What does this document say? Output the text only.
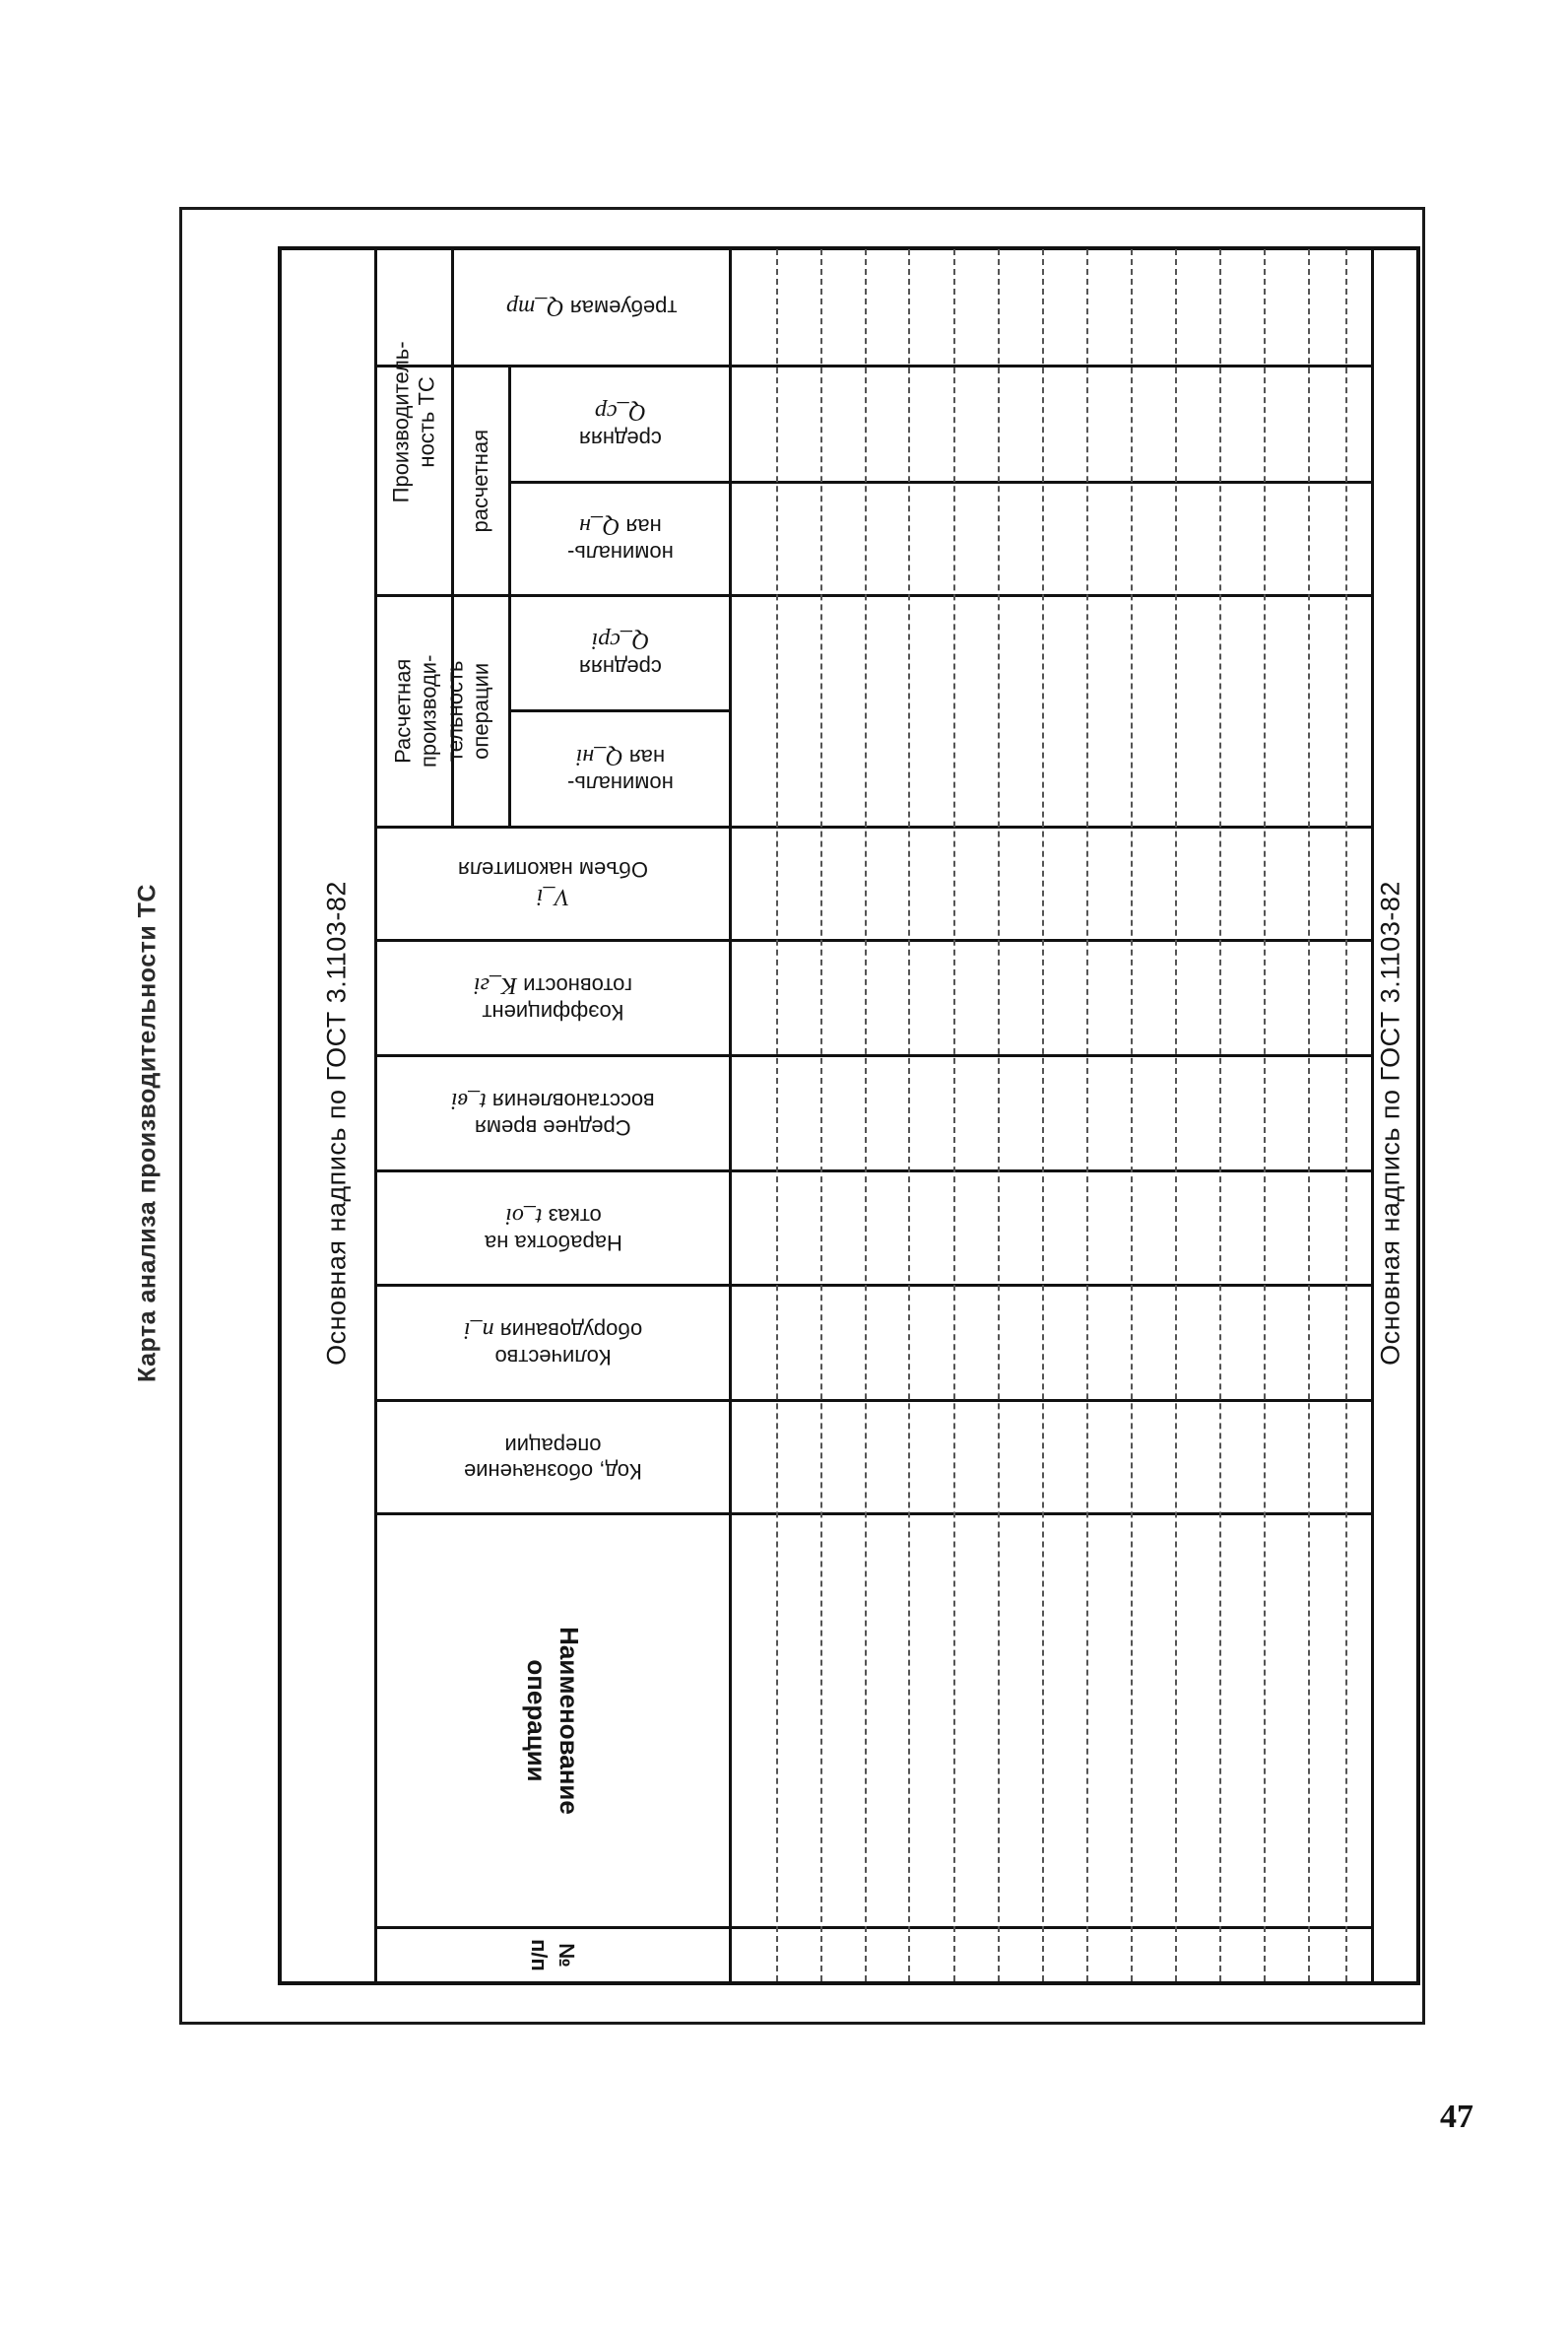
Карта анализа производительности ТС	Основная надпись по ГОСТ 3.1103-82	Основная надпись по ГОСТ 3.1103-82
Производитель-
ность ТС
расчетная
Расчетная
производи-
тельность
операции
требуемая Q_тр
средняя
Q_ср
номиналь-
ная Q_н
средняя
Q_срi
номиналь-
ная Q_нi
V_i
Объем накопителя
Коэффициент
готовности K_гi
Среднее время
восстановления t_вi
Наработка на
отказ t_оi
Количество
оборудования n_i
Код, обозначение
операции
Наименование
операции
№
п/п
47
